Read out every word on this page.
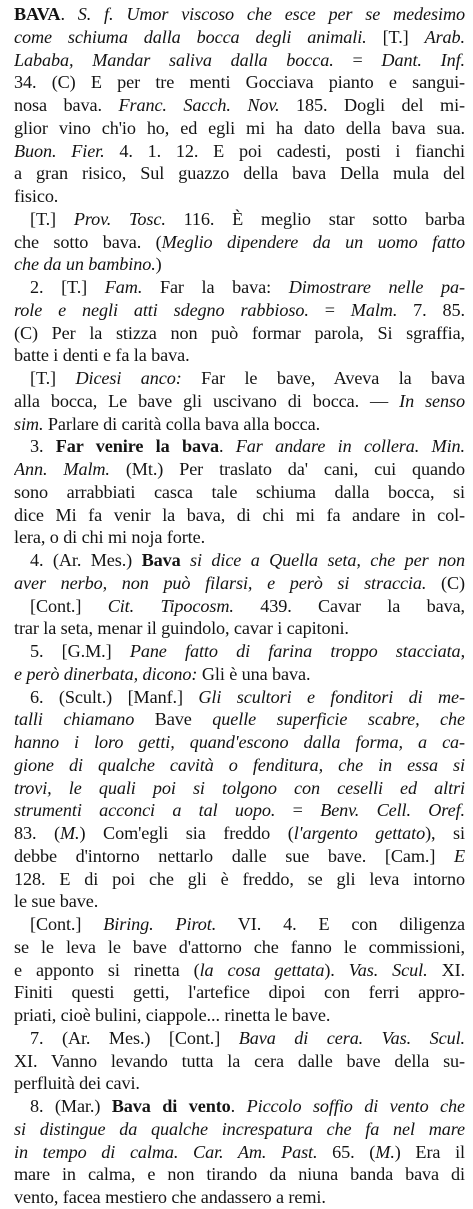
BAVA. S. f. Umor viscoso che esce per se medesimo
come schiuma dalla bocca degli animali. [T.] Arab.
Lababa, Mandar saliva dalla bocca. = Dant. Inf.
34. (C) E per tre menti Gocciava pianto e sangui-
nosa bava. Franc. Sacch. Nov. 185. Dogli del mi-
glior vino ch'io ho, ed egli mi ha dato della bava sua.
Buon. Fier. 4. 1. 12. E poi cadesti, posti i fianchi
a gran risico, Sul guazzo della bava Della mula del
fisico.
[T.] Prov. Tosc. 116. È meglio star sotto barba
che sotto bava. (Meglio dipendere da un uomo fatto
che da un bambino.)
2. [T.] Fam. Far la bava: Dimostrare nelle pa-
role e negli atti sdegno rabbioso. = Malm. 7. 85.
(C) Per la stizza non può formar parola, Si sgraffia,
batte i denti e fa la bava.
[T.] Dicesi anco: Far le bave, Aveva la bava
alla bocca, Le bave gli uscivano di bocca. — In senso
sim. Parlare di carità colla bava alla bocca.
3. Far venire la bava. Far andare in collera. Min.
Ann. Malm. (Mt.) Per traslato da' cani, cui quando
sono arrabbiati casca tale schiuma dalla bocca, si
dice Mi fa venir la bava, di chi mi fa andare in col-
lera, o di chi mi noja forte.
4. (Ar. Mes.) Bava si dice a Quella seta, che per non
aver nerbo, non può filarsi, e però si straccia. (C)
[Cont.] Cit. Tipocosm. 439. Cavar la bava,
trar la seta, menar il guindolo, cavar i capitoni.
5. [G.M.] Pane fatto di farina troppo stacciata,
e però dinerbata, dicono: Gli è una bava.
6. (Scult.) [Manf.] Gli scultori e fonditori di me-
talli chiamano Bave quelle superficie scabre, che
hanno i loro getti, quand'escono dalla forma, a ca-
gione di qualche cavità o fenditura, che in essa si
trovi, le quali poi si tolgono con ceselli ed altri
strumenti acconci a tal uopo. = Benv. Cell. Oref.
83. (M.) Com'egli sia freddo (l'argento gettato), si
debbe d'intorno nettarlo dalle sue bave. [Cam.] E
128. E di poi che gli è freddo, se gli leva intorno
le sue bave.
[Cont.] Biring. Pirot. VI. 4. E con diligenza
se le leva le bave d'attorno che fanno le commissioni,
e apponto si rinetta (la cosa gettata). Vas. Scul. XI.
Finiti questi getti, l'artefice dipoi con ferri appro-
priati, cioè bulini, ciappole... rinetta le bave.
7. (Ar. Mes.) [Cont.] Bava di cera. Vas. Scul.
XI. Vanno levando tutta la cera dalle bave della su-
perfluità dei cavi.
8. (Mar.) Bava di vento. Piccolo soffio di vento che
si distingue da qualche increspatura che fa nel mare
in tempo di calma. Car. Am. Past. 65. (M.) Era il
mare in calma, e non tirando da niuna banda bava di
vento, facea mestiero che andassero a remi.
